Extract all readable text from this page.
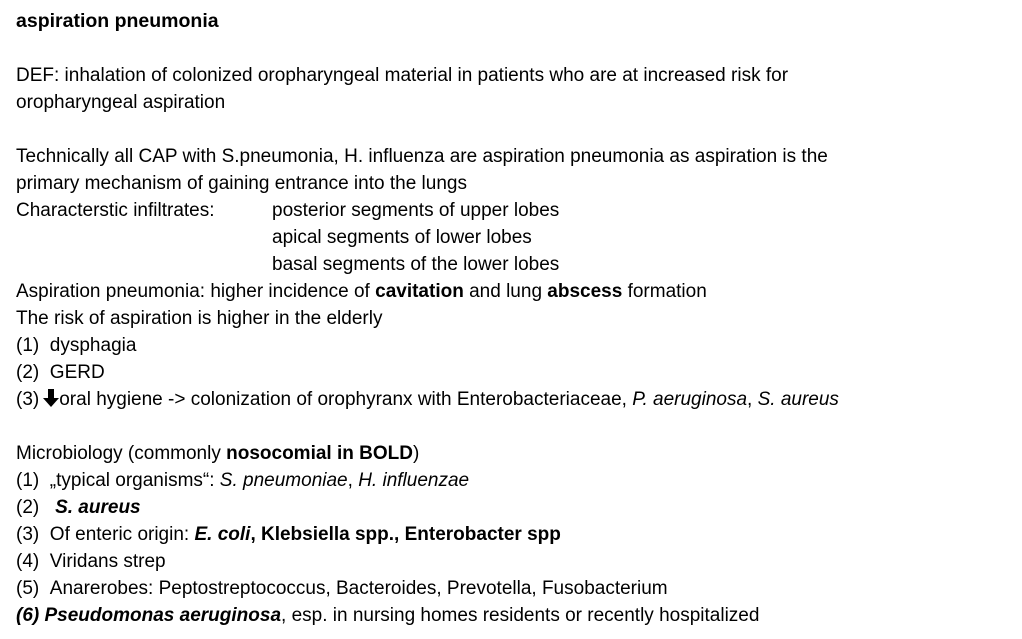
aspiration pneumonia
DEF: inhalation of colonized oropharyngeal material in patients who are at increased risk for
oropharyngeal aspiration
Technically all CAP with S.pneumonia, H. influenza are aspiration pneumonia as aspiration is the
primary mechanism of gaining entrance into the lungs
Characterstic infiltrates:	posterior segments of upper lobes
apical segments of lower lobes
basal segments of the lower lobes
Aspiration pneumonia: higher incidence of cavitation and lung abscess formation
The risk of aspiration is higher in the elderly
(1) dysphagia
(2) GERD
(3) oral hygiene -> colonization of orophyranx with Enterobacteriaceae, P. aeruginosa, S. aureus
Microbiology (commonly nosocomial in BOLD)
(1) „typical organisms“: S. pneumoniae, H. influenzae
(2) S. aureus
(3) Of enteric origin: E. coli, Klebsiella spp., Enterobacter spp
(4) Viridans strep
(5) Anarerobes: Peptostreptococcus, Bacteroides, Prevotella, Fusobacterium
(6) Pseudomonas aeruginosa, esp. in nursing homes residents or recently hospitalized
